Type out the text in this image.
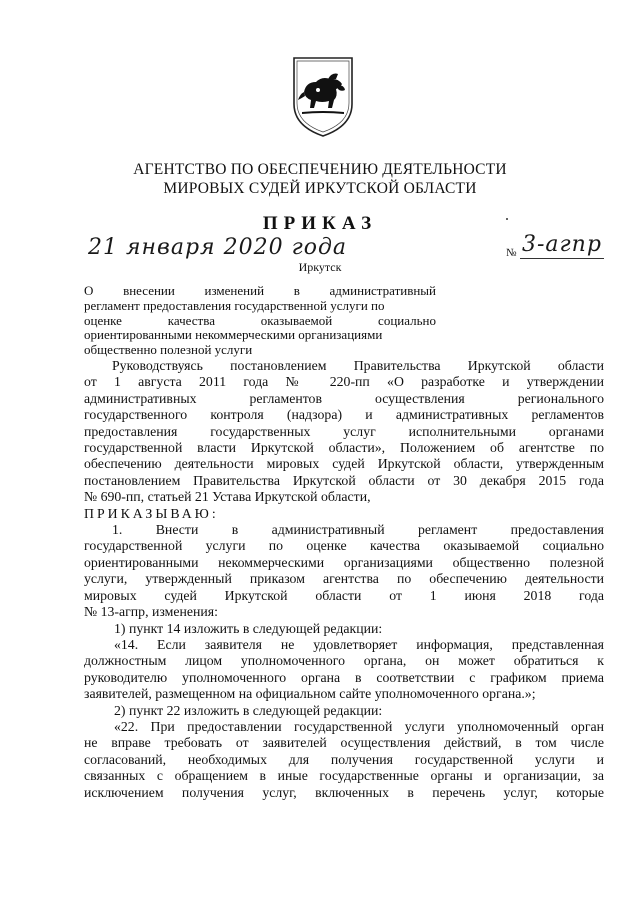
АГЕНТСТВО ПО ОБЕСПЕЧЕНИЮ ДЕЯТЕЛЬНОСТИ
МИРОВЫХ СУДЕЙ ИРКУТСКОЙ ОБЛАСТИ
ПРИКАЗ
21 января 2020 года	№ 3-агпр
Иркутск
О внесении изменений в административный
регламент предоставления государственной услуги по
оценке качества оказываемой социально
ориентированными некоммерческими организациями
общественно полезной услуги
Руководствуясь постановлением Правительства Иркутской области
от 1 августа 2011 года № 220-пп «О разработке и утверждении
административных регламентов осуществления регионального
государственного контроля (надзора) и административных регламентов
предоставления государственных услуг исполнительными органами
государственной власти Иркутской области», Положением об агентстве по
обеспечению деятельности мировых судей Иркутской области, утвержденным
постановлением Правительства Иркутской области от 30 декабря 2015 года
№ 690-пп, статьей 21 Устава Иркутской области,
ПРИКАЗЫВАЮ:
1. Внести в административный регламент предоставления
государственной услуги по оценке качества оказываемой социально
ориентированными некоммерческими организациями общественно полезной
услуги, утвержденный приказом агентства по обеспечению деятельности
мировых судей Иркутской области от 1 июня 2018 года
№ 13-агпр, изменения:
1) пункт 14 изложить в следующей редакции:
«14. Если заявителя не удовлетворяет информация, представленная
должностным лицом уполномоченного органа, он может обратиться к
руководителю уполномоченного органа в соответствии с графиком приема
заявителей, размещенном на официальном сайте уполномоченного органа.»;
2) пункт 22 изложить в следующей редакции:
«22. При предоставлении государственной услуги уполномоченный орган
не вправе требовать от заявителей осуществления действий, в том числе
согласований, необходимых для получения государственной услуги и
связанных с обращением в иные государственные органы и организации, за
исключением получения услуг, включенных в перечень услуг, которые
